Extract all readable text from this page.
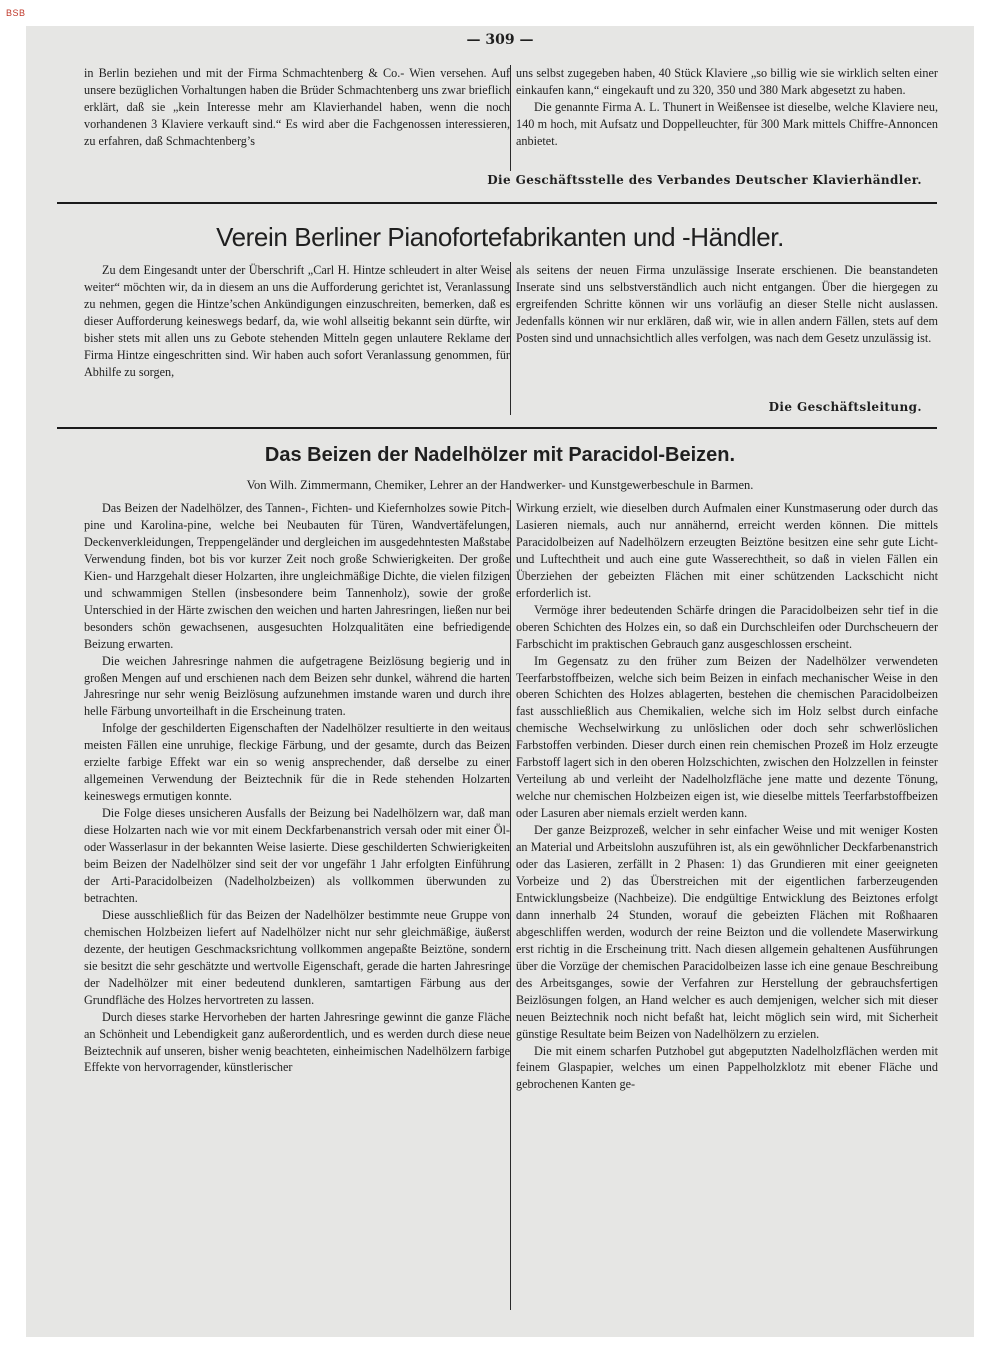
BSB
— 309 —

in Berlin beziehen und mit der Firma Schmachtenberg & Co.- Wien versehen. Auf unsere bezüglichen Vorhaltungen haben die Brüder Schmachtenberg uns zwar brieflich erklärt, daß sie „kein Interesse mehr am Klavierhandel haben, wenn die noch vorhandenen 3 Klaviere verkauft sind.“ Es wird aber die Fachgenossen interessieren, zu erfahren, daß Schmachtenberg’s

uns selbst zugegeben haben, 40 Stück Klaviere „so billig wie sie wirklich selten einer einkaufen kann,“ eingekauft und zu 320, 350 und 380 Mark abgesetzt zu haben.

Die genannte Firma A. L. Thunert in Weißensee ist dieselbe, welche Klaviere neu, 140 m hoch, mit Aufsatz und Doppelleuchter, für 300 Mark mittels Chiffre-Annoncen anbietet.

Die Geschäftsstelle des Verbandes Deutscher Klavierhändler.
Verein Berliner Pianofortefabrikanten und -Händler.

Zu dem Eingesandt unter der Überschrift „Carl H. Hintze schleudert in alter Weise weiter“ möchten wir, da in diesem an uns die Aufforderung gerichtet ist, Veranlassung zu nehmen, gegen die Hintze’schen Ankündigungen einzuschreiten, bemerken, daß es dieser Aufforderung keineswegs bedarf, da, wie wohl allseitig bekannt sein dürfte, wir bisher stets mit allen uns zu Gebote stehenden Mitteln gegen unlautere Reklame der Firma Hintze eingeschritten sind. Wir haben auch sofort Veranlassung genommen, für Abhilfe zu sorgen,

als seitens der neuen Firma unzulässige Inserate erschienen. Die beanstandeten Inserate sind uns selbstverständlich auch nicht entgangen. Über die hiergegen zu ergreifenden Schritte können wir uns vorläufig an dieser Stelle nicht auslassen. Jedenfalls können wir nur erklären, daß wir, wie in allen andern Fällen, stets auf dem Posten sind und unnachsichtlich alles verfolgen, was nach dem Gesetz unzulässig ist.

Die Geschäftsleitung.
Das Beizen der Nadelhölzer mit Paracidol-Beizen.
Von Wilh. Zimmermann, Chemiker, Lehrer an der Handwerker- und Kunstgewerbeschule in Barmen.

Das Beizen der Nadelhölzer, des Tannen-, Fichten- und Kiefernholzes sowie Pitch-pine und Karolina-pine, welche bei Neubauten für Türen, Wandvertäfelungen, Deckenverkleidungen, Treppengeländer und dergleichen im ausgedehntesten Maßstabe Verwendung finden, bot bis vor kurzer Zeit noch große Schwierigkeiten. Der große Kien- und Harzgehalt dieser Holzarten, ihre ungleichmäßige Dichte, die vielen filzigen und schwammigen Stellen (insbesondere beim Tannenholz), sowie der große Unterschied in der Härte zwischen den weichen und harten Jahresringen, ließen nur bei besonders schön gewachsenen, ausgesuchten Holzqualitäten eine befriedigende Beizung erwarten.

Die weichen Jahresringe nahmen die aufgetragene Beizlösung begierig und in großen Mengen auf und erschienen nach dem Beizen sehr dunkel, während die harten Jahresringe nur sehr wenig Beizlösung aufzunehmen imstande waren und durch ihre helle Färbung unvorteilhaft in die Erscheinung traten.

Infolge der geschilderten Eigenschaften der Nadelhölzer resultierte in den weitaus meisten Fällen eine unruhige, fleckige Färbung, und der gesamte, durch das Beizen erzielte farbige Effekt war ein so wenig ansprechender, daß derselbe zu einer allgemeinen Verwendung der Beiztechnik für die in Rede stehenden Holzarten keineswegs ermutigen konnte.

Die Folge dieses unsicheren Ausfalls der Beizung bei Nadelhölzern war, daß man diese Holzarten nach wie vor mit einem Deckfarbenanstrich versah oder mit einer Öl- oder Wasserlasur in der bekannten Weise lasierte. Diese geschilderten Schwierigkeiten beim Beizen der Nadelhölzer sind seit der vor ungefähr 1 Jahr erfolgten Einführung der Arti-Paracidolbeizen (Nadelholzbeizen) als vollkommen überwunden zu betrachten.

Diese ausschließlich für das Beizen der Nadelhölzer bestimmte neue Gruppe von chemischen Holzbeizen liefert auf Nadelhölzer nicht nur sehr gleichmäßige, äußerst dezente, der heutigen Geschmacksrichtung vollkommen angepaßte Beiztöne, sondern sie besitzt die sehr geschätzte und wertvolle Eigenschaft, gerade die harten Jahresringe der Nadelhölzer mit einer bedeutend dunkleren, samtartigen Färbung aus der Grundfläche des Holzes hervortreten zu lassen.

Durch dieses starke Hervorheben der harten Jahresringe gewinnt die ganze Fläche an Schönheit und Lebendigkeit ganz außerordentlich, und es werden durch diese neue Beiztechnik auf unseren, bisher wenig beachteten, einheimischen Nadelhölzern farbige Effekte von hervorragender, künstlerischer

Wirkung erzielt, wie dieselben durch Aufmalen einer Kunstmaserung oder durch das Lasieren niemals, auch nur annähernd, erreicht werden können. Die mittels Paracidolbeizen auf Nadelhölzern erzeugten Beiztöne besitzen eine sehr gute Licht- und Luftechtheit und auch eine gute Wasserechtheit, so daß in vielen Fällen ein Überziehen der gebeizten Flächen mit einer schützenden Lackschicht nicht erforderlich ist.

Vermöge ihrer bedeutenden Schärfe dringen die Paracidolbeizen sehr tief in die oberen Schichten des Holzes ein, so daß ein Durchschleifen oder Durchscheuern der Farbschicht im praktischen Gebrauch ganz ausgeschlossen erscheint.

Im Gegensatz zu den früher zum Beizen der Nadelhölzer verwendeten Teerfarbstoffbeizen, welche sich beim Beizen in einfach mechanischer Weise in den oberen Schichten des Holzes ablagerten, bestehen die chemischen Paracidolbeizen fast ausschließlich aus Chemikalien, welche sich im Holz selbst durch einfache chemische Wechselwirkung zu unlöslichen oder doch sehr schwerlöslichen Farbstoffen verbinden. Dieser durch einen rein chemischen Prozeß im Holz erzeugte Farbstoff lagert sich in den oberen Holzschichten, zwischen den Holzzellen in feinster Verteilung ab und verleiht der Nadelholzfläche jene matte und dezente Tönung, welche nur chemischen Holzbeizen eigen ist, wie dieselbe mittels Teerfarbstoffbeizen oder Lasuren aber niemals erzielt werden kann.

Der ganze Beizprozeß, welcher in sehr einfacher Weise und mit weniger Kosten an Material und Arbeitslohn auszuführen ist, als ein gewöhnlicher Deckfarbenanstrich oder das Lasieren, zerfällt in 2 Phasen: 1) das Grundieren mit einer geeigneten Vorbeize und 2) das Überstreichen mit der eigentlichen farberzeugenden Entwicklungsbeize (Nachbeize). Die endgültige Entwicklung des Beiztones erfolgt dann innerhalb 24 Stunden, worauf die gebeizten Flächen mit Roßhaaren abgeschliffen werden, wodurch der reine Beizton und die vollendete Maserwirkung erst richtig in die Erscheinung tritt. Nach diesen allgemein gehaltenen Ausführungen über die Vorzüge der chemischen Paracidolbeizen lasse ich eine genaue Beschreibung des Arbeitsganges, sowie der Verfahren zur Herstellung der gebrauchsfertigen Beizlösungen folgen, an Hand welcher es auch demjenigen, welcher sich mit dieser neuen Beiztechnik noch nicht befaßt hat, leicht möglich sein wird, mit Sicherheit günstige Resultate beim Beizen von Nadelhölzern zu erzielen.

Die mit einem scharfen Putzhobel gut abgeputzten Nadelholzflächen werden mit feinem Glaspapier, welches um einen Pappelholzklotz mit ebener Fläche und gebrochenen Kanten ge-
